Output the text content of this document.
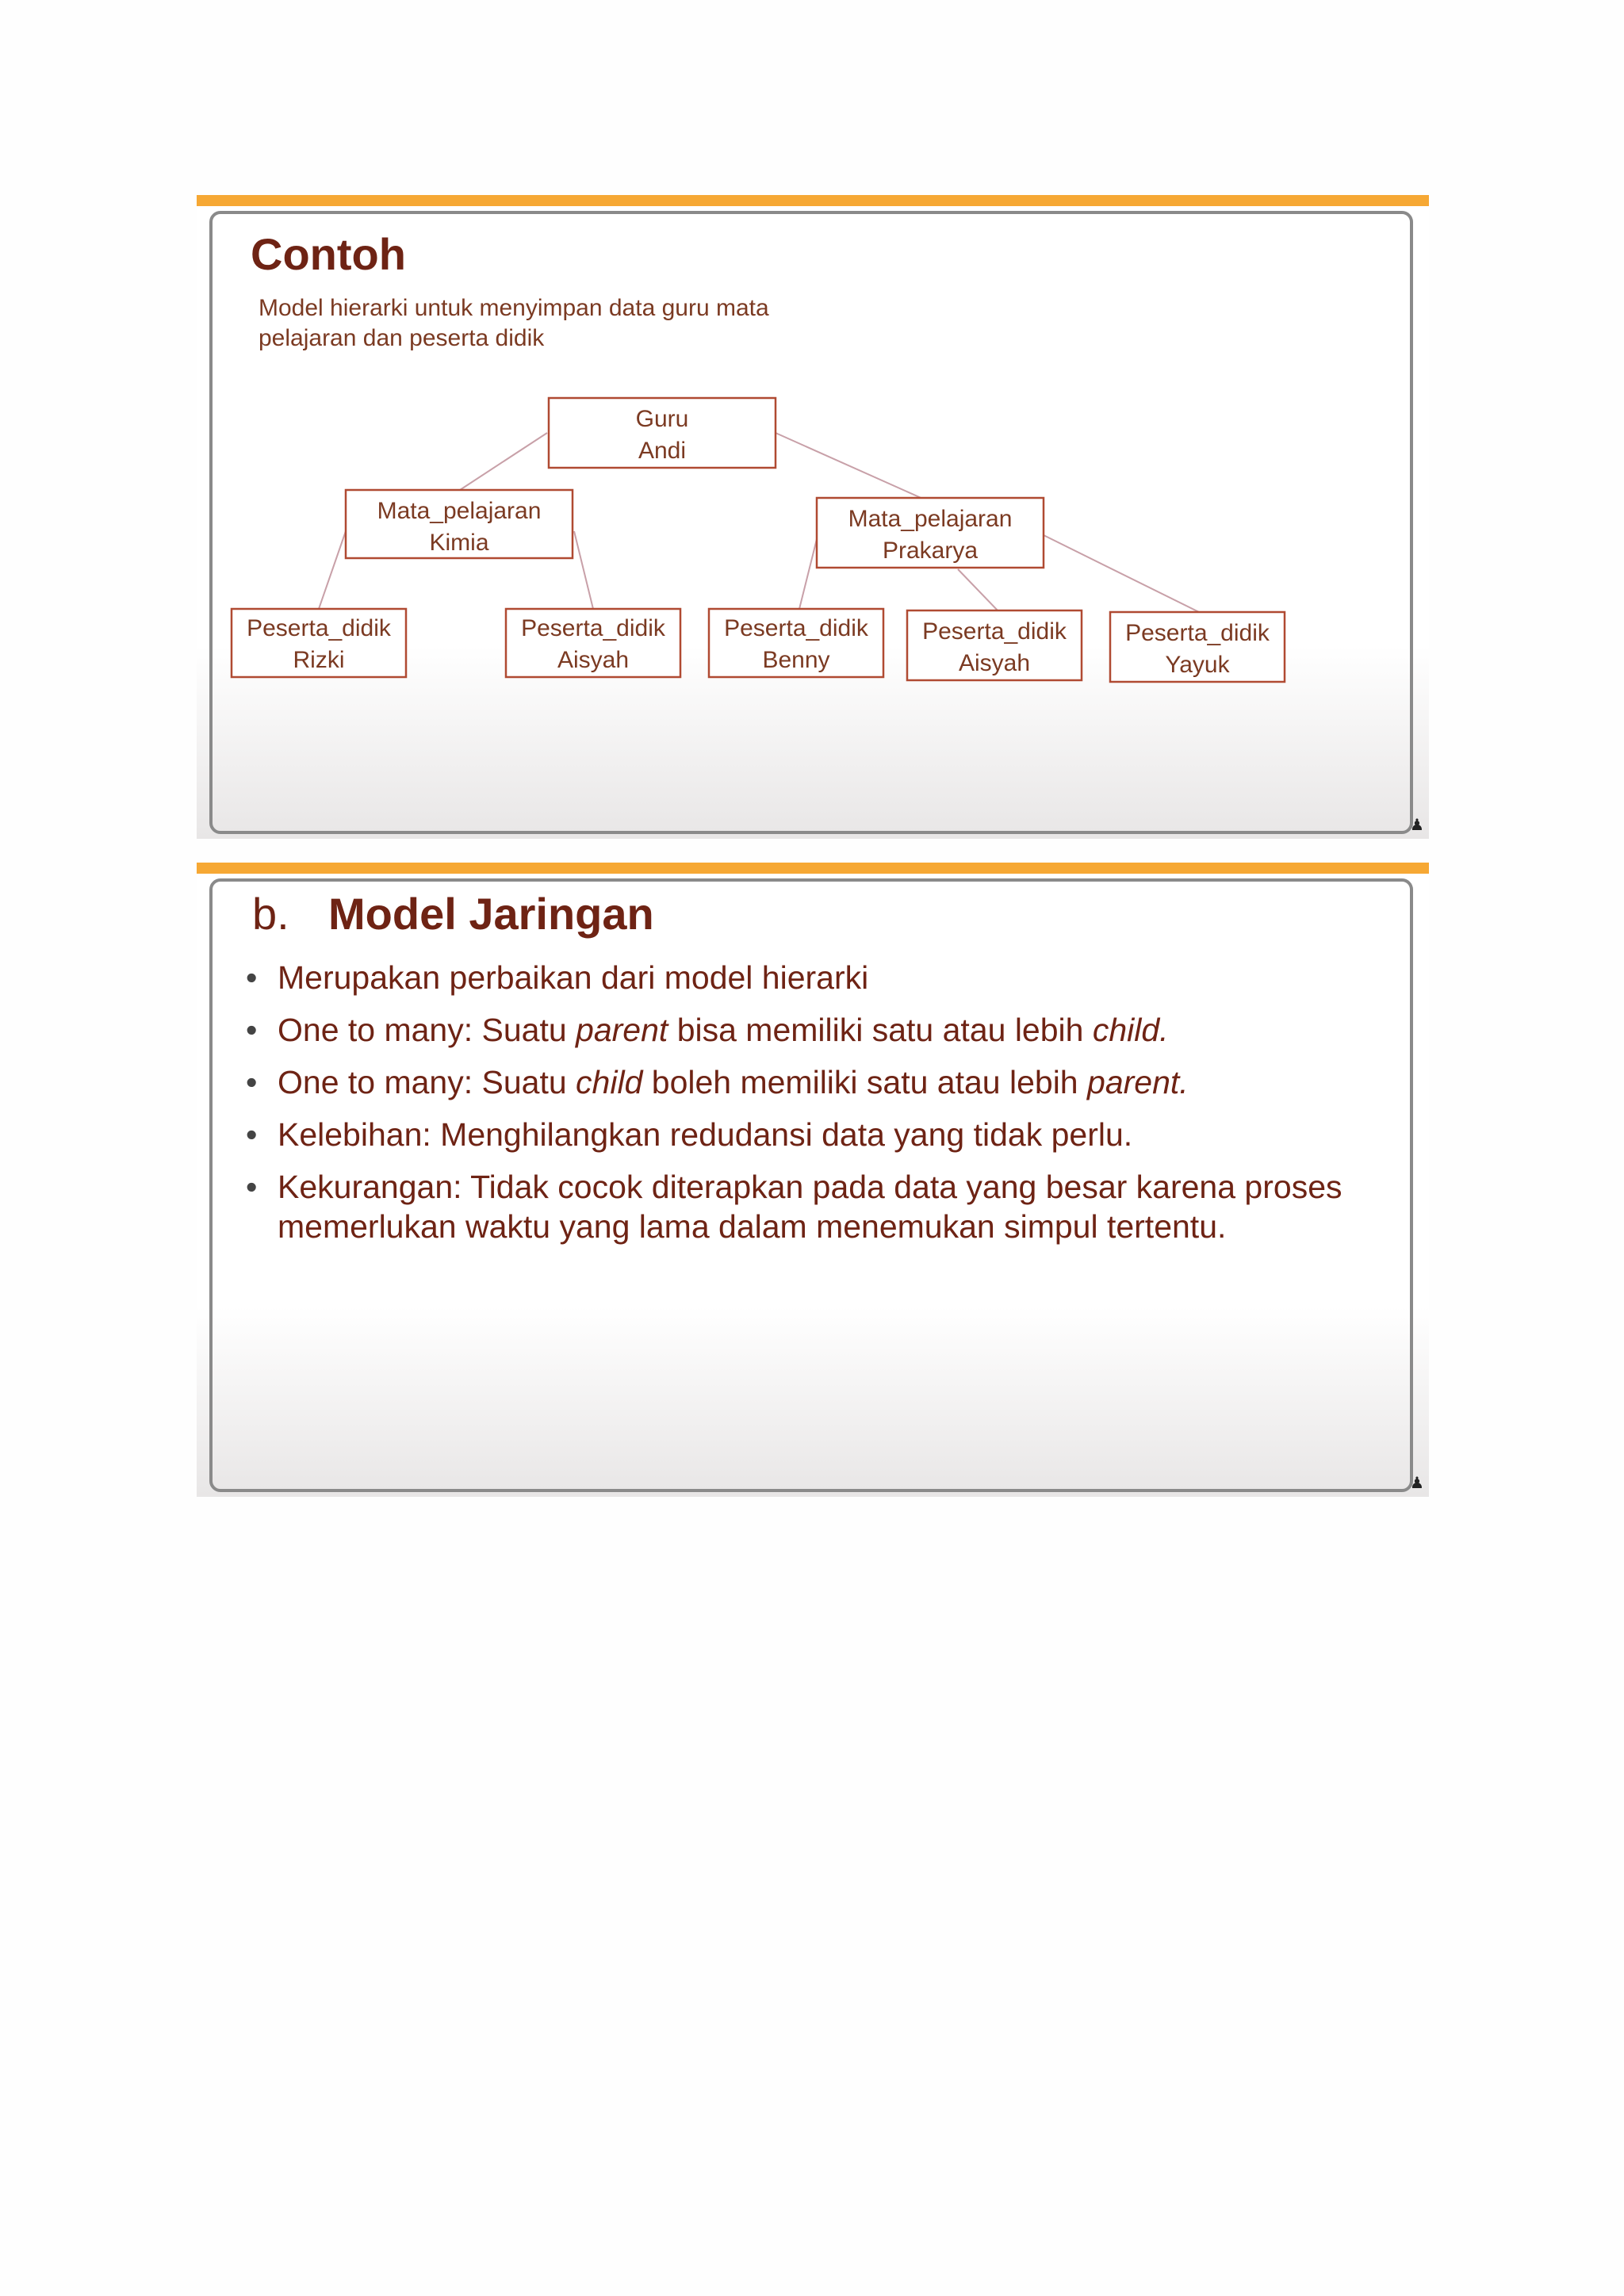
Contoh
Model hierarki untuk menyimpan data guru mata
pelajaran dan peserta didik
Guru
Andi
Mata_pelajaran
Kimia
Mata_pelajaran
Prakarya
Peserta_didik
Rizki
Peserta_didik
Aisyah
Peserta_didik
Benny
Peserta_didik
Aisyah
Peserta_didik
Yayuk
♟
b. Model Jaringan
• Merupakan perbaikan dari model hierarki
• One to many: Suatu parent bisa memiliki satu atau lebih child.
• One to many: Suatu child boleh memiliki satu atau lebih parent.
• Kelebihan: Menghilangkan redudansi data yang tidak perlu.
• Kekurangan: Tidak cocok diterapkan pada data yang besar karena proses memerlukan waktu yang lama dalam menemukan simpul tertentu.
♟
